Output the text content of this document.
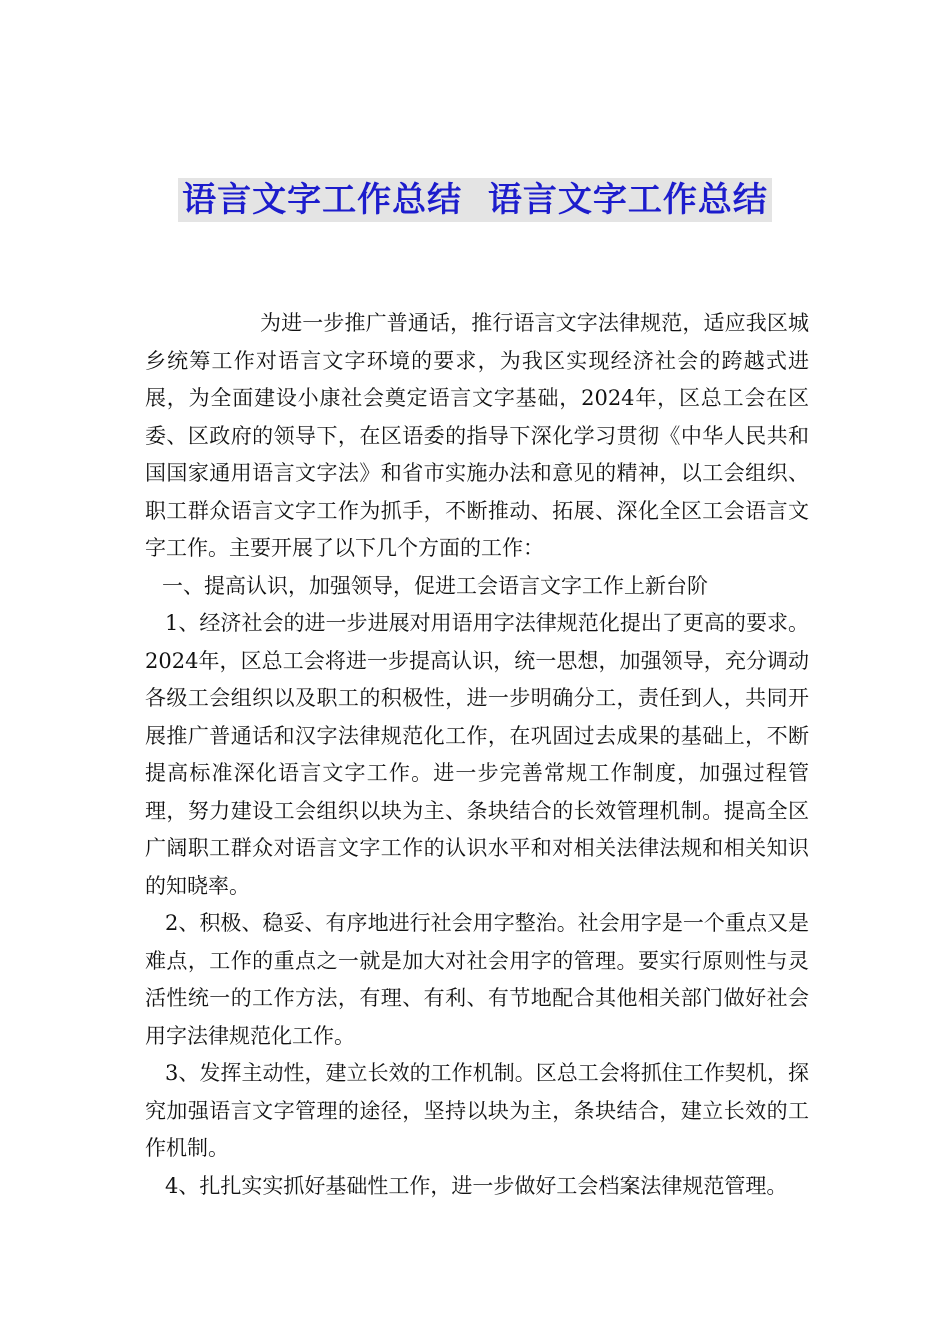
语言文字工作总结  语言文字工作总结

为进一步推广普通话，推行语言文字法律规范，适应我区城乡统筹工作对语言文字环境的要求，为我区实现经济社会的跨越式进展，为全面建设小康社会奠定语言文字基础，2024年，区总工会在区委、区政府的领导下，在区语委的指导下深化学习贯彻《中华人民共和国国家通用语言文字法》和省市实施办法和意见的精神，以工会组织、职工群众语言文字工作为抓手，不断推动、拓展、深化全区工会语言文字工作。主要开展了以下几个方面的工作：

一、提高认识，加强领导，促进工会语言文字工作上新台阶

1、经济社会的进一步进展对用语用字法律规范化提出了更高的要求。2024年，区总工会将进一步提高认识，统一思想，加强领导，充分调动各级工会组织以及职工的积极性，进一步明确分工，责任到人，共同开展推广普通话和汉字法律规范化工作，在巩固过去成果的基础上，不断提高标准深化语言文字工作。进一步完善常规工作制度，加强过程管理，努力建设工会组织以块为主、条块结合的长效管理机制。提高全区广阔职工群众对语言文字工作的认识水平和对相关法律法规和相关知识的知晓率。

2、积极、稳妥、有序地进行社会用字整治。社会用字是一个重点又是难点，工作的重点之一就是加大对社会用字的管理。要实行原则性与灵活性统一的工作方法，有理、有利、有节地配合其他相关部门做好社会用字法律规范化工作。

3、发挥主动性，建立长效的工作机制。区总工会将抓住工作契机，探究加强语言文字管理的途径，坚持以块为主，条块结合，建立长效的工作机制。

4、扎扎实实抓好基础性工作，进一步做好工会档案法律规范管理。
